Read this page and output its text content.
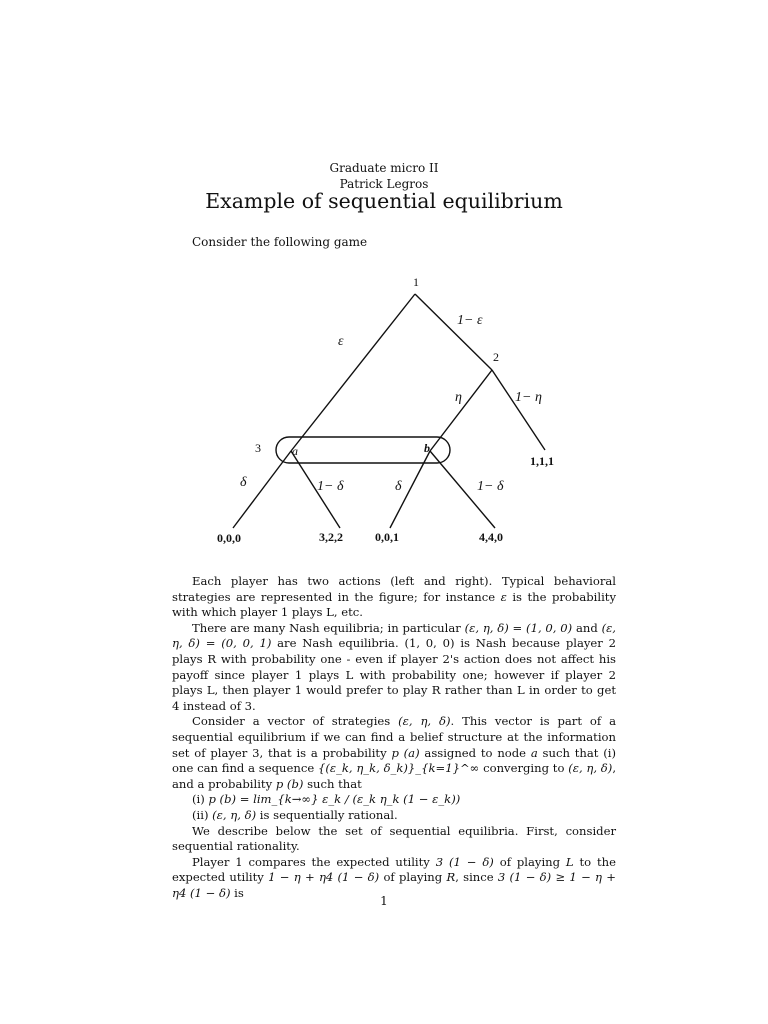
Graduate micro II
Patrick Legros
Example of sequential equilibrium
Consider the following game
1
2
3	a	b
ε
1− ε
η	1− η
δ	1− δ	δ	1− δ
0,0,0	3,2,2	0,0,1	4,4,0
1,1,1

Each player has two actions (left and right). Typical behavioral strategies are represented in the figure; for instance ε is the probability with which player 1 plays L, etc.

There are many Nash equilibria; in particular (ε, η, δ) = (1, 0, 0) and (ε, η, δ) = (0, 0, 1) are Nash equilibria. (1, 0, 0) is Nash because player 2 plays R with probability one - even if player 2's action does not affect his payoff since player 1 plays L with probability one; however if player 2 plays L, then player 1 would prefer to play R rather than L in order to get 4 instead of 3.

Consider a vector of strategies (ε, η, δ). This vector is part of a sequential equilibrium if we can find a belief structure at the information set of player 3, that is a probability p (a) assigned to node a such that (i) one can find a sequence {(ε_k, η_k, δ_k)}_{k=1}^∞ converging to (ε, η, δ), and a probability p (b) such that

(i) p (b) = lim_{k→∞} ε_k / (ε_k η_k (1 − ε_k))

(ii) (ε, η, δ) is sequentially rational.

We describe below the set of sequential equilibria. First, consider sequential rationality.

Player 1 compares the expected utility 3 (1 − δ) of playing L to the expected utility 1 − η + η4 (1 − δ) of playing R, since 3 (1 − δ) ≥ 1 − η + η4 (1 − δ) is

1
